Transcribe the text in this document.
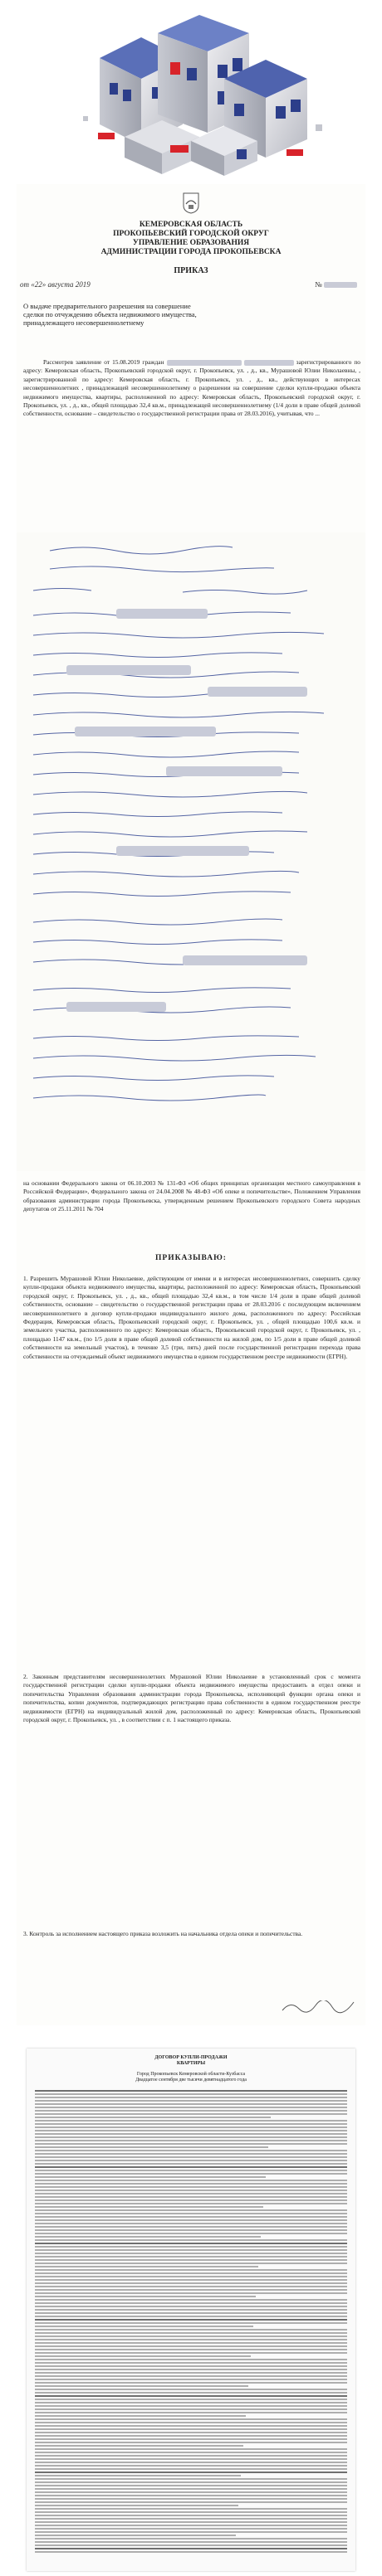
КЕМЕРОВСКАЯ ОБЛАСТЬ
ПРОКОПЬЕВСКИЙ ГОРОДСКОЙ ОКРУГ
УПРАВЛЕНИЕ ОБРАЗОВАНИЯ
АДМИНИСТРАЦИИ ГОРОДА ПРОКОПЬЕВСКА
ПРИКАЗ
от «22» августа 2019	№
О выдаче предварительного разрешения на совершение сделки по отчуждению объекта недвижимого имущества, принадлежащего несовершеннолетнему
Рассмотрев заявление от 15.08.2019 граждан	зарегистрированного по адресу: Кемеровская область, Прокопьевский городской округ, г. Прокопьевск, ул. , д., кв., Мурашовой Юлии Николаевны, , зарегистрированной по адресу: Кемеровская область, г. Прокопьевск, ул. , д., кв., действующих в интересах несовершеннолетних , принадлежащей несовершеннолетнему о разрешении на совершение сделки купли-продажи объекта недвижимого имущества, квартиры, расположенной по адресу: Кемеровская область, Прокопьевский городской округ, г. Прокопьевск, ул. , д., кв., общей площадью 32,4 кв.м., принадлежащей несовершеннолетнему (1/4 доли в праве общей долевой собственности, основание – свидетельство о государственной регистрации права от 28.03.2016), учитывая, что ...
на основании Федерального закона от 06.10.2003 № 131-ФЗ «Об общих принципах организации местного самоуправления в Российской Федерации», Федерального закона от 24.04.2008 № 48-ФЗ «Об опеке и попечительстве», Положением Управления образования администрации города Прокопьевска, утвержденным решением Прокопьевского городского Совета народных депутатов от 25.11.2011 № 704
ПРИКАЗЫВАЮ:
1. Разрешить Мурашовой Юлии Николаевне, действующим от имени и в интересах несовершеннолетних, совершить сделку купли-продажи объекта недвижимого имущества, квартиры, расположенной по адресу: Кемеровская область, Прокопьевский городской округ, г. Прокопьевск, ул. , д., кв., общей площадью 32,4 кв.м., в том числе 1/4 доли в праве общей долевой собственности, основание – свидетельство о государственной регистрации права от 28.03.2016 с последующим включением несовершеннолетнего в договор купли-продажи индивидуального жилого дома, расположенного по адресу: Российская Федерация, Кемеровская область, Прокопьевский городской округ, г. Прокопьевск, ул. , общей площадью 100,6 кв.м. и земельного участка, расположенного по адресу: Кемеровская область, Прокопьевский городской округ, г. Прокопьевск, ул. , площадью 1147 кв.м., (по 1/5 доли в праве общей долевой собственности на жилой дом, по 1/5 доли в праве общей долевой собственности на земельный участок), в течение 3,5 (три, пять) дней после государственной регистрации перехода права собственности на отчуждаемый объект недвижимого имущества в едином государственном реестре недвижимости (ЕГРН).
2. Законным представителям несовершеннолетних Мурашовой Юлии Николаевне в установленный срок с момента государственной регистрации сделки купли-продажи объекта недвижимого имущества предоставить в отдел опеки и попечительства Управления образования администрации города Прокопьевска, исполняющий функции органа опеки и попечительства, копии документов, подтверждающих регистрацию права собственности в едином государственном реестре недвижимости (ЕГРН) на индивидуальный жилой дом, расположенный по адресу: Кемеровская область, Прокопьевский городской округ, г. Прокопьевск, ул. , в соответствии с п. 1 настоящего приказа.
3. Контроль за исполнением настоящего приказа возложить на начальника отдела опеки и попечительства.
ДОГОВОР КУПЛИ-ПРОДАЖИ
КВАРТИРЫ
Город Прокопьевск Кемеровской области-Кузбасса
Двадцатое сентября две тысячи девятнадцатого года
